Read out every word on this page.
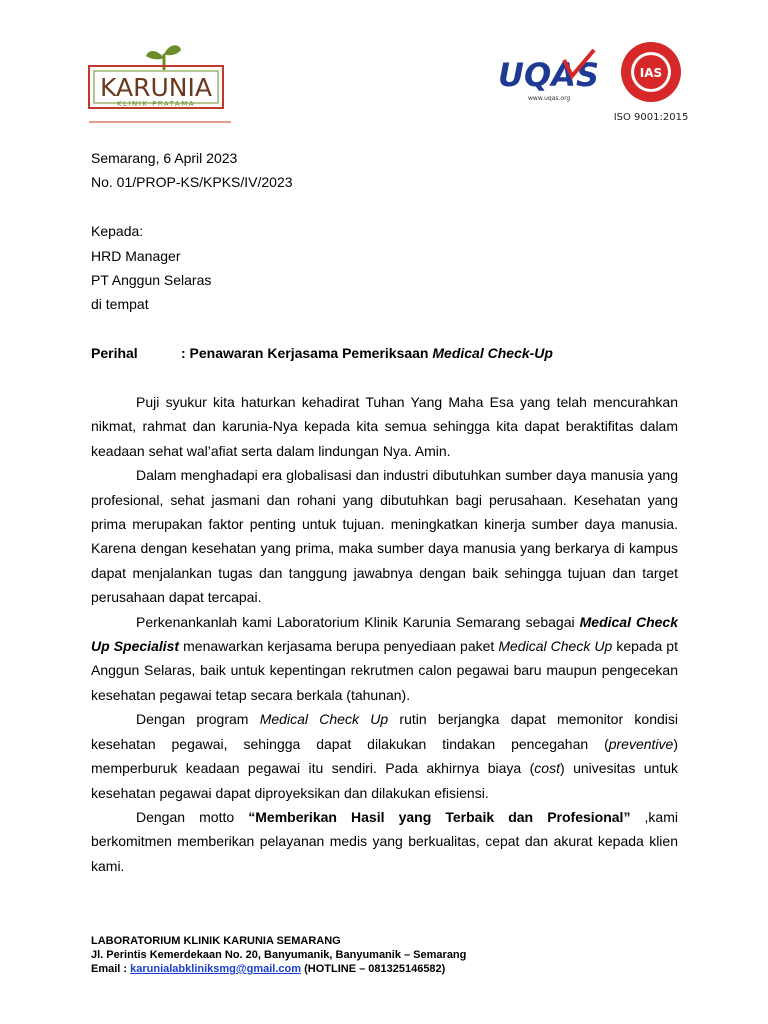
KARUNIA
KLINIK PRATAMA
UQAS
www.uqas.org
IAS
ISO 9001:2015
Semarang, 6 April 2023
No. 01/PROP-KS/KPKS/IV/2023
Kepada:
HRD Manager
PT Anggun Selaras
di tempat
Perihal	: Penawaran Kerjasama Pemeriksaan Medical Check-Up

Puji syukur kita haturkan kehadirat Tuhan Yang Maha Esa yang telah mencurahkan nikmat, rahmat dan karunia-Nya kepada kita semua sehingga kita dapat beraktifitas dalam keadaan sehat wal’afiat serta dalam lindungan Nya. Amin.

Dalam menghadapi era globalisasi dan industri dibutuhkan sumber daya manusia yang profesional, sehat jasmani dan rohani yang dibutuhkan bagi perusahaan. Kesehatan yang prima merupakan faktor penting untuk tujuan. meningkatkan kinerja sumber daya manusia. Karena dengan kesehatan yang prima, maka sumber daya manusia yang berkarya di kampus dapat menjalankan tugas dan tanggung jawabnya dengan baik sehingga tujuan dan target perusahaan dapat tercapai.

Perkenankanlah kami Laboratorium Klinik Karunia Semarang sebagai Medical Check Up Specialist menawarkan kerjasama berupa penyediaan paket Medical Check Up kepada pt Anggun Selaras, baik untuk kepentingan rekrutmen calon pegawai baru maupun pengecekan kesehatan pegawai tetap secara berkala (tahunan).

Dengan program Medical Check Up rutin berjangka dapat memonitor kondisi kesehatan pegawai, sehingga dapat dilakukan tindakan pencegahan (preventive) memperburuk keadaan pegawai itu sendiri. Pada akhirnya biaya (cost) univesitas untuk kesehatan pegawai dapat diproyeksikan dan dilakukan efisiensi.

Dengan motto “Memberikan Hasil yang Terbaik dan Profesional” ,kami berkomitmen memberikan pelayanan medis yang berkualitas, cepat dan akurat kepada klien kami.

LABORATORIUM KLINIK KARUNIA SEMARANG
Jl. Perintis Kemerdekaan No. 20, Banyumanik, Banyumanik – Semarang
Email : karunialabkliniksmg@gmail.com (HOTLINE – 081325146582)
